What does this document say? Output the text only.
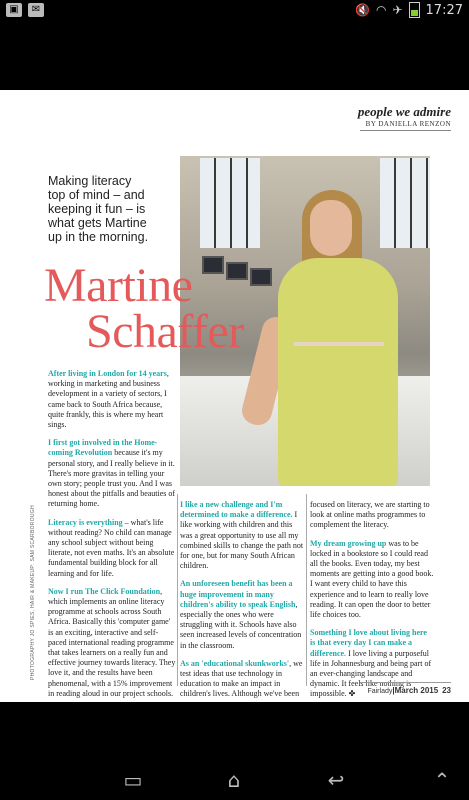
▣	✉	🔇 ◠ ✈ 17:27
people we admire
BY DANIELLA RENZON
Making literacy
top of mind – and
keeping it fun – is
what gets Martine
up in the morning.
Martine
Schaffer

After living in London for 14 years, working in marketing and business development in a variety of sectors, I came back to South Africa because, quite frankly, this is where my heart sings.

I first got involved in the Home-coming Revolution because it's my personal story, and I really believe in it. There's more gravitas in telling your own story; people trust you. And I was honest about the pitfalls and beauties of returning home.

Literacy is everything – what's life without reading? No child can manage any school subject without being literate, not even maths. It's an absolute fundamental building block for all learning and for life.

Now I run The Click Foundation, which implements an online literacy programme at schools across South Africa. Basically this 'computer game' is an exciting, interactive and self-paced international reading programme that takes learners on a really fun and effective journey towards literacy. They love it, and the results have been phenomenal, with a 15% improvement in reading aloud in our project schools.

I like a new challenge and I'm determined to make a difference. I like working with children and this was a great opportunity to use all my combined skills to change the path not for one, but for many South African children.

An unforeseen benefit has been a huge improvement in many children's ability to speak English, especially the ones who were struggling with it. Schools have also seen increased levels of concentration in the classroom.

As an 'educational skunkworks', we test ideas that use technology in education to make an impact in children's lives. Although we've been

focused on literacy, we are starting to look at online maths programmes to complement the literacy.

My dream growing up was to be locked in a bookstore so I could read all the books. Even today, my best moments are getting into a good book. I want every child to have this experience and to learn to really love reading. It can open the door to better life choices too.

Something I love about living here is that every day I can make a difference. I love living a purposeful life in Johannesburg and being part of an ever-changing landscape and dynamic. It feels like nothing is impossible. ✤

PHOTOGRAPHY JO SPIES, HAIR & MAKEUP: SAM SCARBOROUGH
Fairlady|March 2015 23
▭	⌂	↩	⌃
